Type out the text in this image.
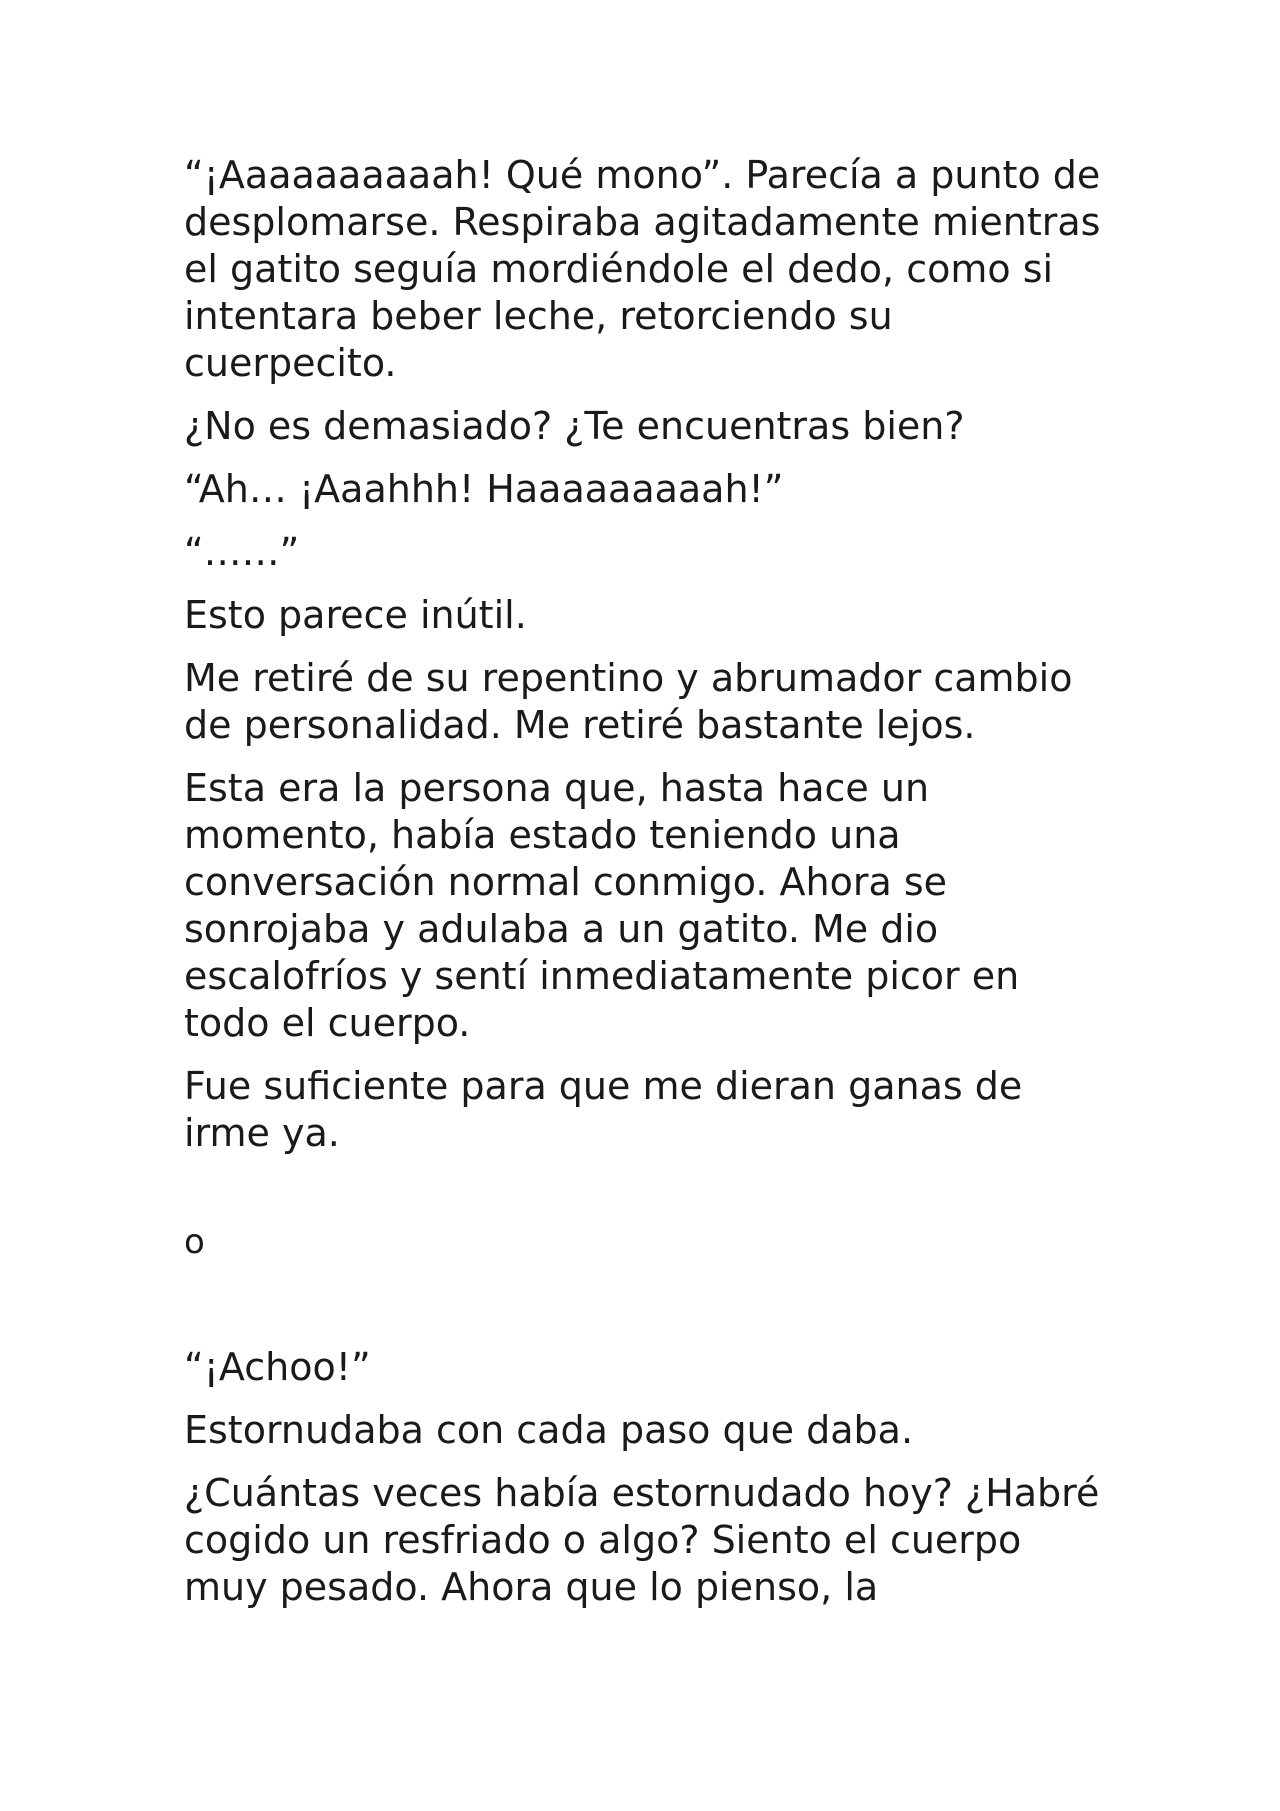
“¡Aaaaaaaaaah! Qué mono”. Parecía a punto de desplomarse. Respiraba agitadamente mientras el gatito seguía mordiéndole el dedo, como si intentara beber leche, retorciendo su cuerpecito.

¿No es demasiado? ¿Te encuentras bien?

“Ah… ¡Aaahhh! Haaaaaaaaah!”

“……”

Esto parece inútil.

Me retiré de su repentino y abrumador cambio de personalidad. Me retiré bastante lejos.

Esta era la persona que, hasta hace un momento, había estado teniendo una conversación normal conmigo. Ahora se sonrojaba y adulaba a un gatito. Me dio escalofríos y sentí inmediatamente picor en todo el cuerpo.

Fue suficiente para que me dieran ganas de irme ya.

o

“¡Achoo!”

Estornudaba con cada paso que daba.

¿Cuántas veces había estornudado hoy? ¿Habré cogido un resfriado o algo? Siento el cuerpo muy pesado. Ahora que lo pienso, la
